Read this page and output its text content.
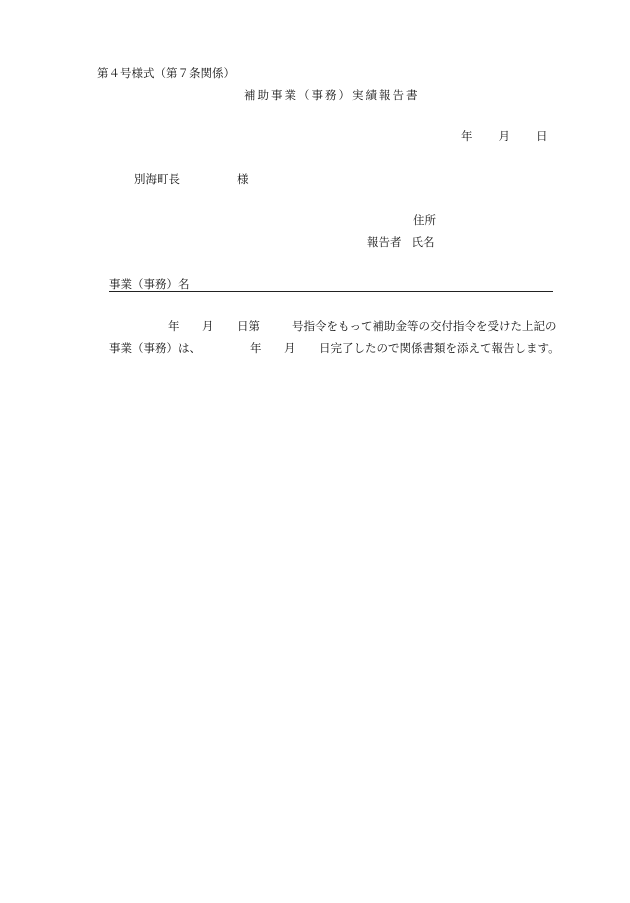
第４号様式（第７条関係）
補助事業（事務）実績報告書
年 月 日
別海町長	様
住所
報告者 氏名
事業（事務）名
年 月 日第	号指令をもって補助金等の交付指令を受けた上記の
事業（事務）は、	年 月 日完了したので関係書類を添えて報告します。
